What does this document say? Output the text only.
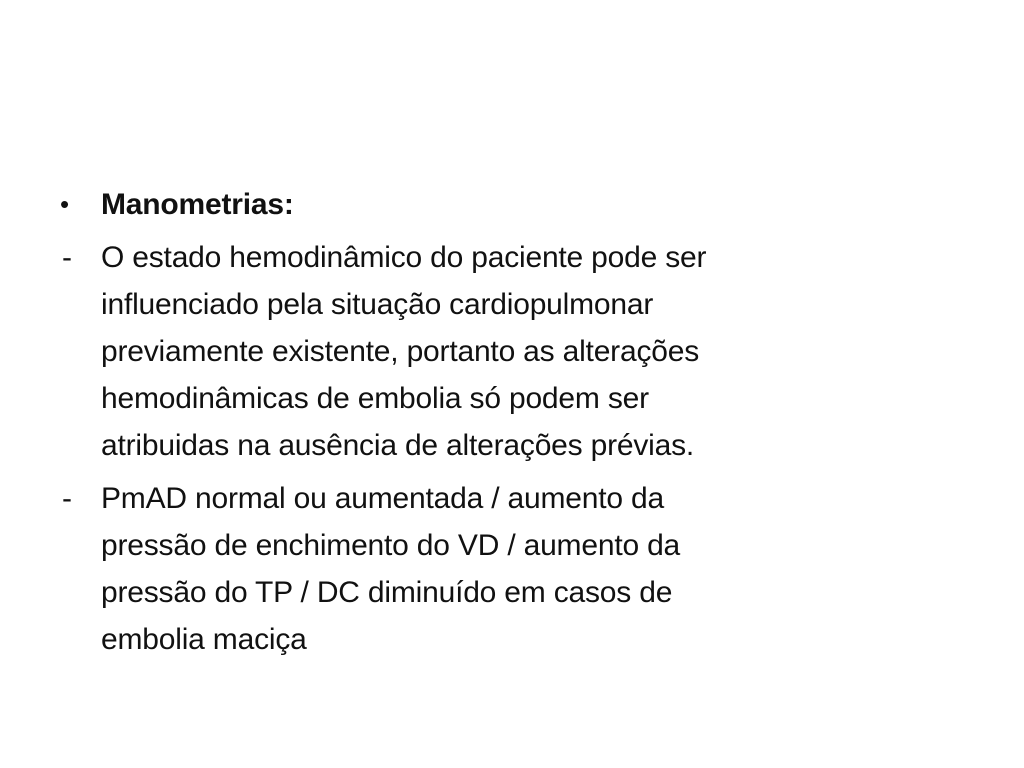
•	Manometrias:
- O estado hemodinâmico do paciente pode ser
influenciado pela situação cardiopulmonar
previamente existente, portanto as alterações
hemodinâmicas de embolia só podem ser
atribuidas na ausência de alterações prévias.
- PmAD normal ou aumentada / aumento da
pressão de enchimento do VD / aumento da
pressão do TP / DC diminuído em casos de
embolia maciça
